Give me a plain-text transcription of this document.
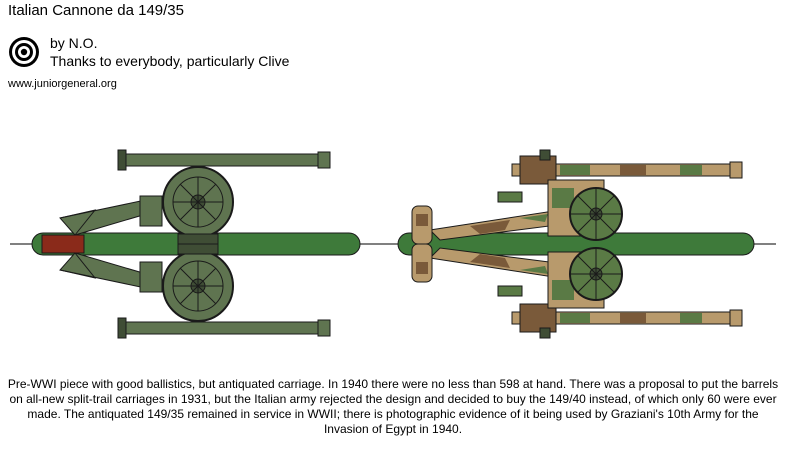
Italian Cannone da 149/35
by N.O.
Thanks to everybody, particularly Clive
www.juniorgeneral.org
Pre-WWI piece with good ballistics, but antiquated carriage. In 1940 there were no less than 598 at hand. There was a proposal to put the barrels on all-new split-trail carriages in 1931, but the Italian army rejected the design and decided to buy the 149/40 instead, of which only 60 were ever made. The antiquated 149/35 remained in service in WWII; there is photographic evidence of it being used by Graziani's 10th Army for the Invasion of Egypt in 1940.
